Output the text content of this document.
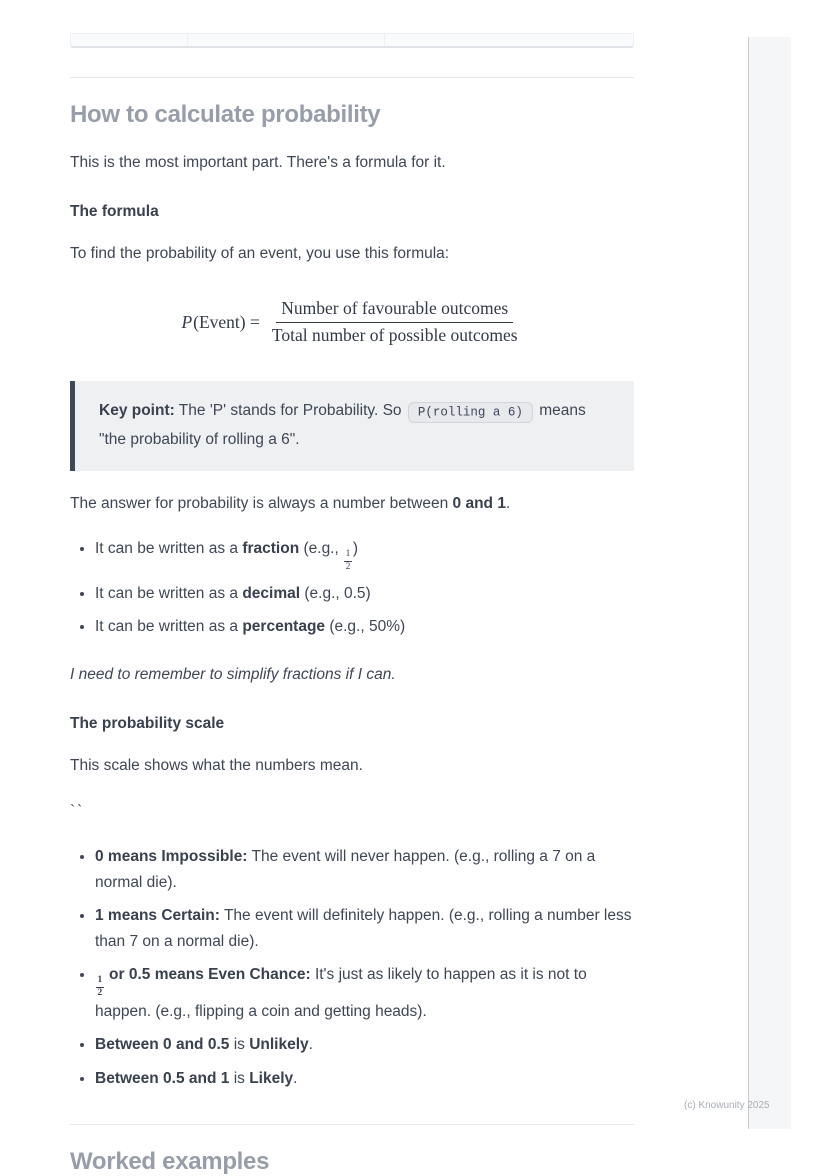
How to calculate probability

This is the most important part. There's a formula for it.

The formula

To find the probability of an event, you use this formula:

P(Event) = $\frac{\text{Number of favourable outcomes}}{\text{Total number of possible outcomes}}$
Key point: The 'P' stands for Probability. So P(rolling a 6) means "the probability of rolling a 6".

The answer for probability is always a number between 0 and 1.

• It can be written as a fraction (e.g.,
$\frac{1}{2}$
)
• It can be written as a decimal (e.g., 0.5)
• It can be written as a percentage (e.g., 50%)

I need to remember to simplify fractions if I can.

The probability scale

This scale shows what the numbers mean.

``

• 0 means Impossible: The event will never happen. (e.g., rolling a 7 on a normal die).
• 1 means Certain: The event will definitely happen. (e.g., rolling a number less than 7 on a normal die).
• $\frac{1}{2}$
or 0.5 means Even Chance: It's just as likely to happen as it is not to happen. (e.g., flipping a coin and getting heads).
• Between 0 and 0.5 is Unlikely.
• Between 0.5 and 1 is Likely.
Worked examples
(c) Knowunity 2025
